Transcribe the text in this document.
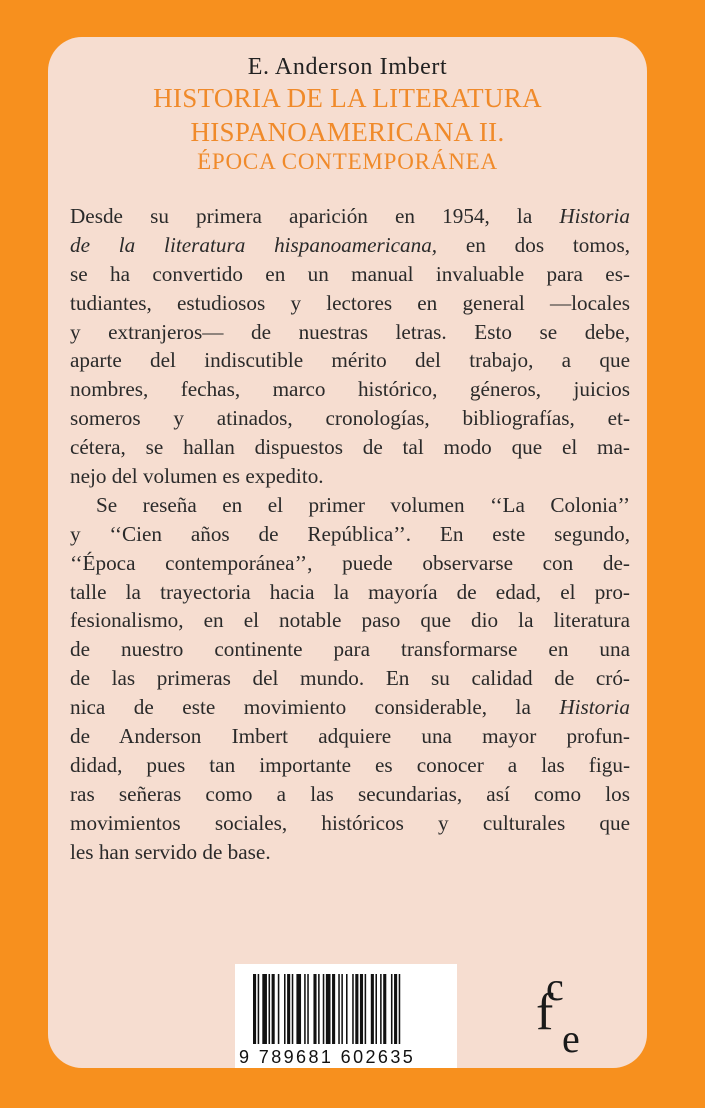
E. Anderson Imbert
HISTORIA DE LA LITERATURA
HISPANOAMERICANA II.
ÉPOCA CONTEMPORÁNEA
Desde su primera aparición en 1954, la Historia
de la literatura hispanoamericana, en dos tomos,
se ha convertido en un manual invaluable para es-
tudiantes, estudiosos y lectores en general —locales
y extranjeros— de nuestras letras. Esto se debe,
aparte del indiscutible mérito del trabajo, a que
nombres, fechas, marco histórico, géneros, juicios
someros y atinados, cronologías, bibliografías, et-
cétera, se hallan dispuestos de tal modo que el ma-
nejo del volumen es expedito.
Se reseña en el primer volumen ‘‘La Colonia’’
y ‘‘Cien años de República’’. En este segundo,
‘‘Época contemporánea’’, puede observarse con de-
talle la trayectoria hacia la mayoría de edad, el pro-
fesionalismo, en el notable paso que dio la literatura
de nuestro continente para transformarse en una
de las primeras del mundo. En su calidad de cró-
nica de este movimiento considerable, la Historia
de Anderson Imbert adquiere una mayor profun-
didad, pues tan importante es conocer a las figu-
ras señeras como a las secundarias, así como los
movimientos sociales, históricos y culturales que
les han servido de base.
9 789681 602635
c
f e
